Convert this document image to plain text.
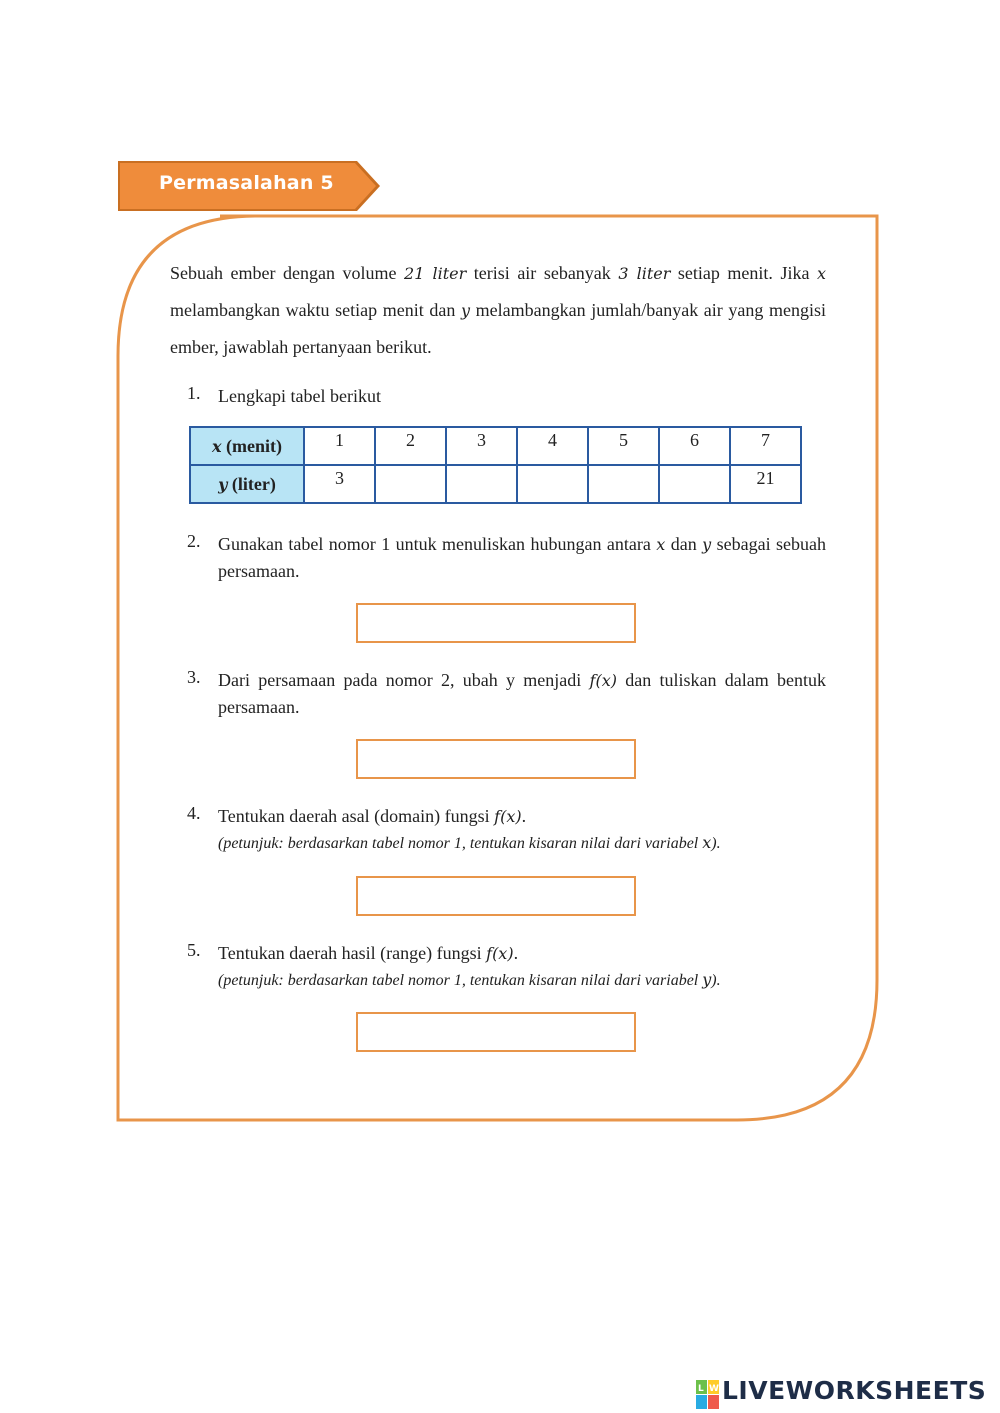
Permasalahan 5
Sebuah ember dengan volume 21 liter terisi air sebanyak 3 liter setiap menit. Jika x melambangkan waktu setiap menit dan y melambangkan jumlah/banyak air yang mengisi ember, jawablah pertanyaan berikut.
1. Lengkapi tabel berikut
x (menit)	1	2	3	4	5	6	7
y (liter)	3						21
2. Gunakan tabel nomor 1 untuk menuliskan hubungan antara x dan y sebagai sebuah persamaan.
3. Dari persamaan pada nomor 2, ubah y menjadi f(x) dan tuliskan dalam bentuk persamaan.
4. Tentukan daerah asal (domain) fungsi f(x).
(petunjuk: berdasarkan tabel nomor 1, tentukan kisaran nilai dari variabel x).
5. Tentukan daerah hasil (range) fungsi f(x).
(petunjuk: berdasarkan tabel nomor 1, tentukan kisaran nilai dari variabel y).
L W LIVEWORKSHEETS
